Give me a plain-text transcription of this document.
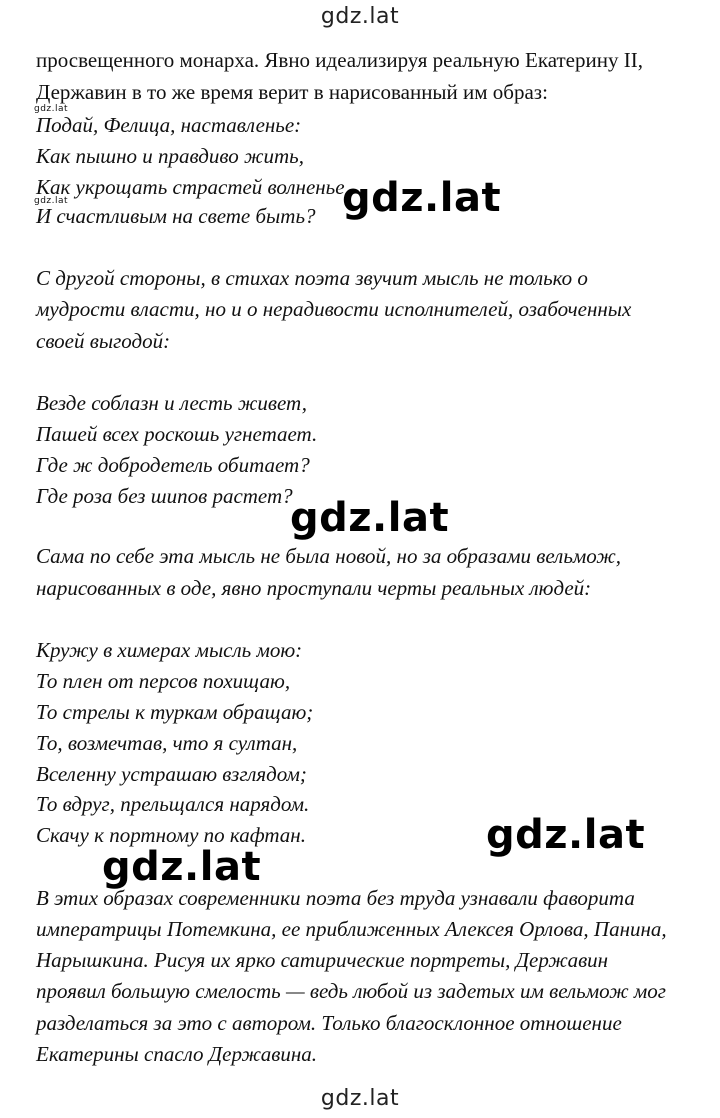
gdz.lat
просвещенного монарха. Явно идеализируя реальную Екатерину II,
Державин в то же время верит в нарисованный им образ:
gdz.lat
Подай, Фелица, наставленье:
Как пышно и правдиво жить,
Как укрощать страстей волненье
gdz.lat
И счастливым на свете быть? gdz.lat
С другой стороны, в стихах поэта звучит мысль не только о
мудрости власти, но и о нерадивости исполнителей, озабоченных
своей выгодой:
Везде соблазн и лесть живет,
Пашей всех роскошь угнетает.
Где ж добродетель обитает?
Где роза без шипов растет?
gdz.lat
Сама по себе эта мысль не была новой, но за образами вельмож,
нарисованных в оде, явно проступали черты реальных людей:
Кружу в химерах мысль мою:
То плен от персов похищаю,
То стрелы к туркам обращаю;
То, возмечтав, что я султан,
Вселенну устрашаю взглядом;
То вдруг, прельщался нарядом.
Скачу к портному по кафтан.	gdz.lat
gdz.lat
В этих образах современники поэта без труда узнавали фаворита
императрицы Потемкина, ее приближенных Алексея Орлова, Панина,
Нарышкина. Рисуя их ярко сатирические портреты, Державин
проявил большую смелость — ведь любой из задетых им вельмож мог
разделаться за это с автором. Только благосклонное отношение
Екатерины спасло Державина.
gdz.lat
